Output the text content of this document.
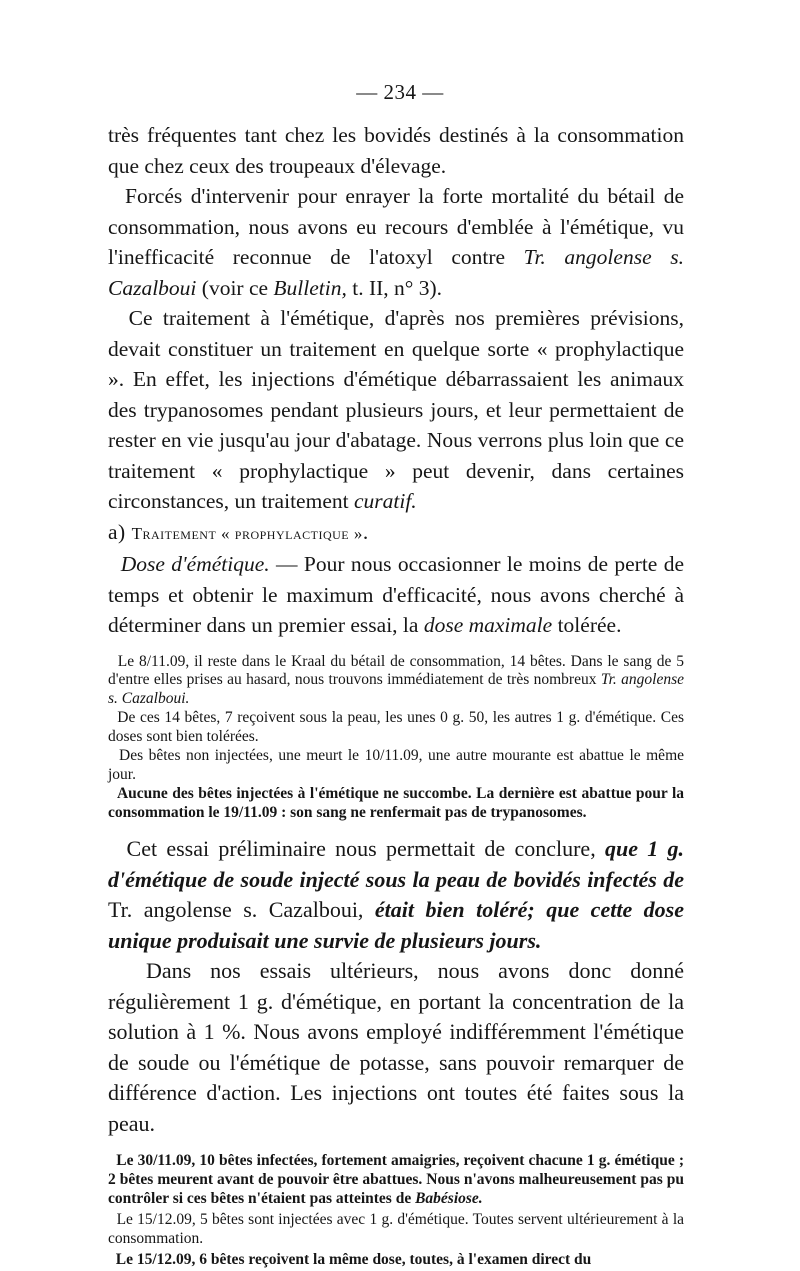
— 234 —

très fréquentes tant chez les bovidés destinés à la consommation que chez ceux des troupeaux d'élevage.

Forcés d'intervenir pour enrayer la forte mortalité du bétail de consommation, nous avons eu recours d'emblée à l'émétique, vu l'inefficacité reconnue de l'atoxyl contre Tr. angolense s. Cazalboui (voir ce Bulletin, t. II, n° 3).

Ce traitement à l'émétique, d'après nos premières prévisions, devait constituer un traitement en quelque sorte « prophylactique ». En effet, les injections d'émétique débarrassaient les animaux des trypanosomes pendant plusieurs jours, et leur permettaient de rester en vie jusqu'au jour d'abatage. Nous verrons plus loin que ce traitement « prophylactique » peut devenir, dans certaines circonstances, un traitement curatif.

a) Traitement « prophylactique ».

Dose d'émétique. — Pour nous occasionner le moins de perte de temps et obtenir le maximum d'efficacité, nous avons cherché à déterminer dans un premier essai, la dose maximale tolérée.

Le 8/11.09, il reste dans le Kraal du bétail de consommation, 14 bêtes. Dans le sang de 5 d'entre elles prises au hasard, nous trouvons immédiatement de très nombreux Tr. angolense s. Cazalboui.

De ces 14 bêtes, 7 reçoivent sous la peau, les unes 0 g. 50, les autres 1 g. d'émétique. Ces doses sont bien tolérées.

Des bêtes non injectées, une meurt le 10/11.09, une autre mourante est abattue le même jour.

Aucune des bêtes injectées à l'émétique ne succombe. La dernière est abattue pour la consommation le 19/11.09 : son sang ne renfermait pas de trypanosomes.

Cet essai préliminaire nous permettait de conclure, que 1 g. d'émétique de soude injecté sous la peau de bovidés infectés de Tr. angolense s. Cazalboui, était bien toléré; que cette dose unique produisait une survie de plusieurs jours.

Dans nos essais ultérieurs, nous avons donc donné régulièrement 1 g. d'émétique, en portant la concentration de la solution à 1 %. Nous avons employé indifféremment l'émétique de soude ou l'émétique de potasse, sans pouvoir remarquer de différence d'action. Les injections ont toutes été faites sous la peau.

Le 30/11.09, 10 bêtes infectées, fortement amaigries, reçoivent chacune 1 g. émétique ; 2 bêtes meurent avant de pouvoir être abattues. Nous n'avons malheureusement pas pu contrôler si ces bêtes n'étaient pas atteintes de Babésiose.

Le 15/12.09, 5 bêtes sont injectées avec 1 g. d'émétique. Toutes servent ultérieurement à la consommation.

Le 15/12.09, 6 bêtes reçoivent la même dose, toutes, à l'examen direct du
